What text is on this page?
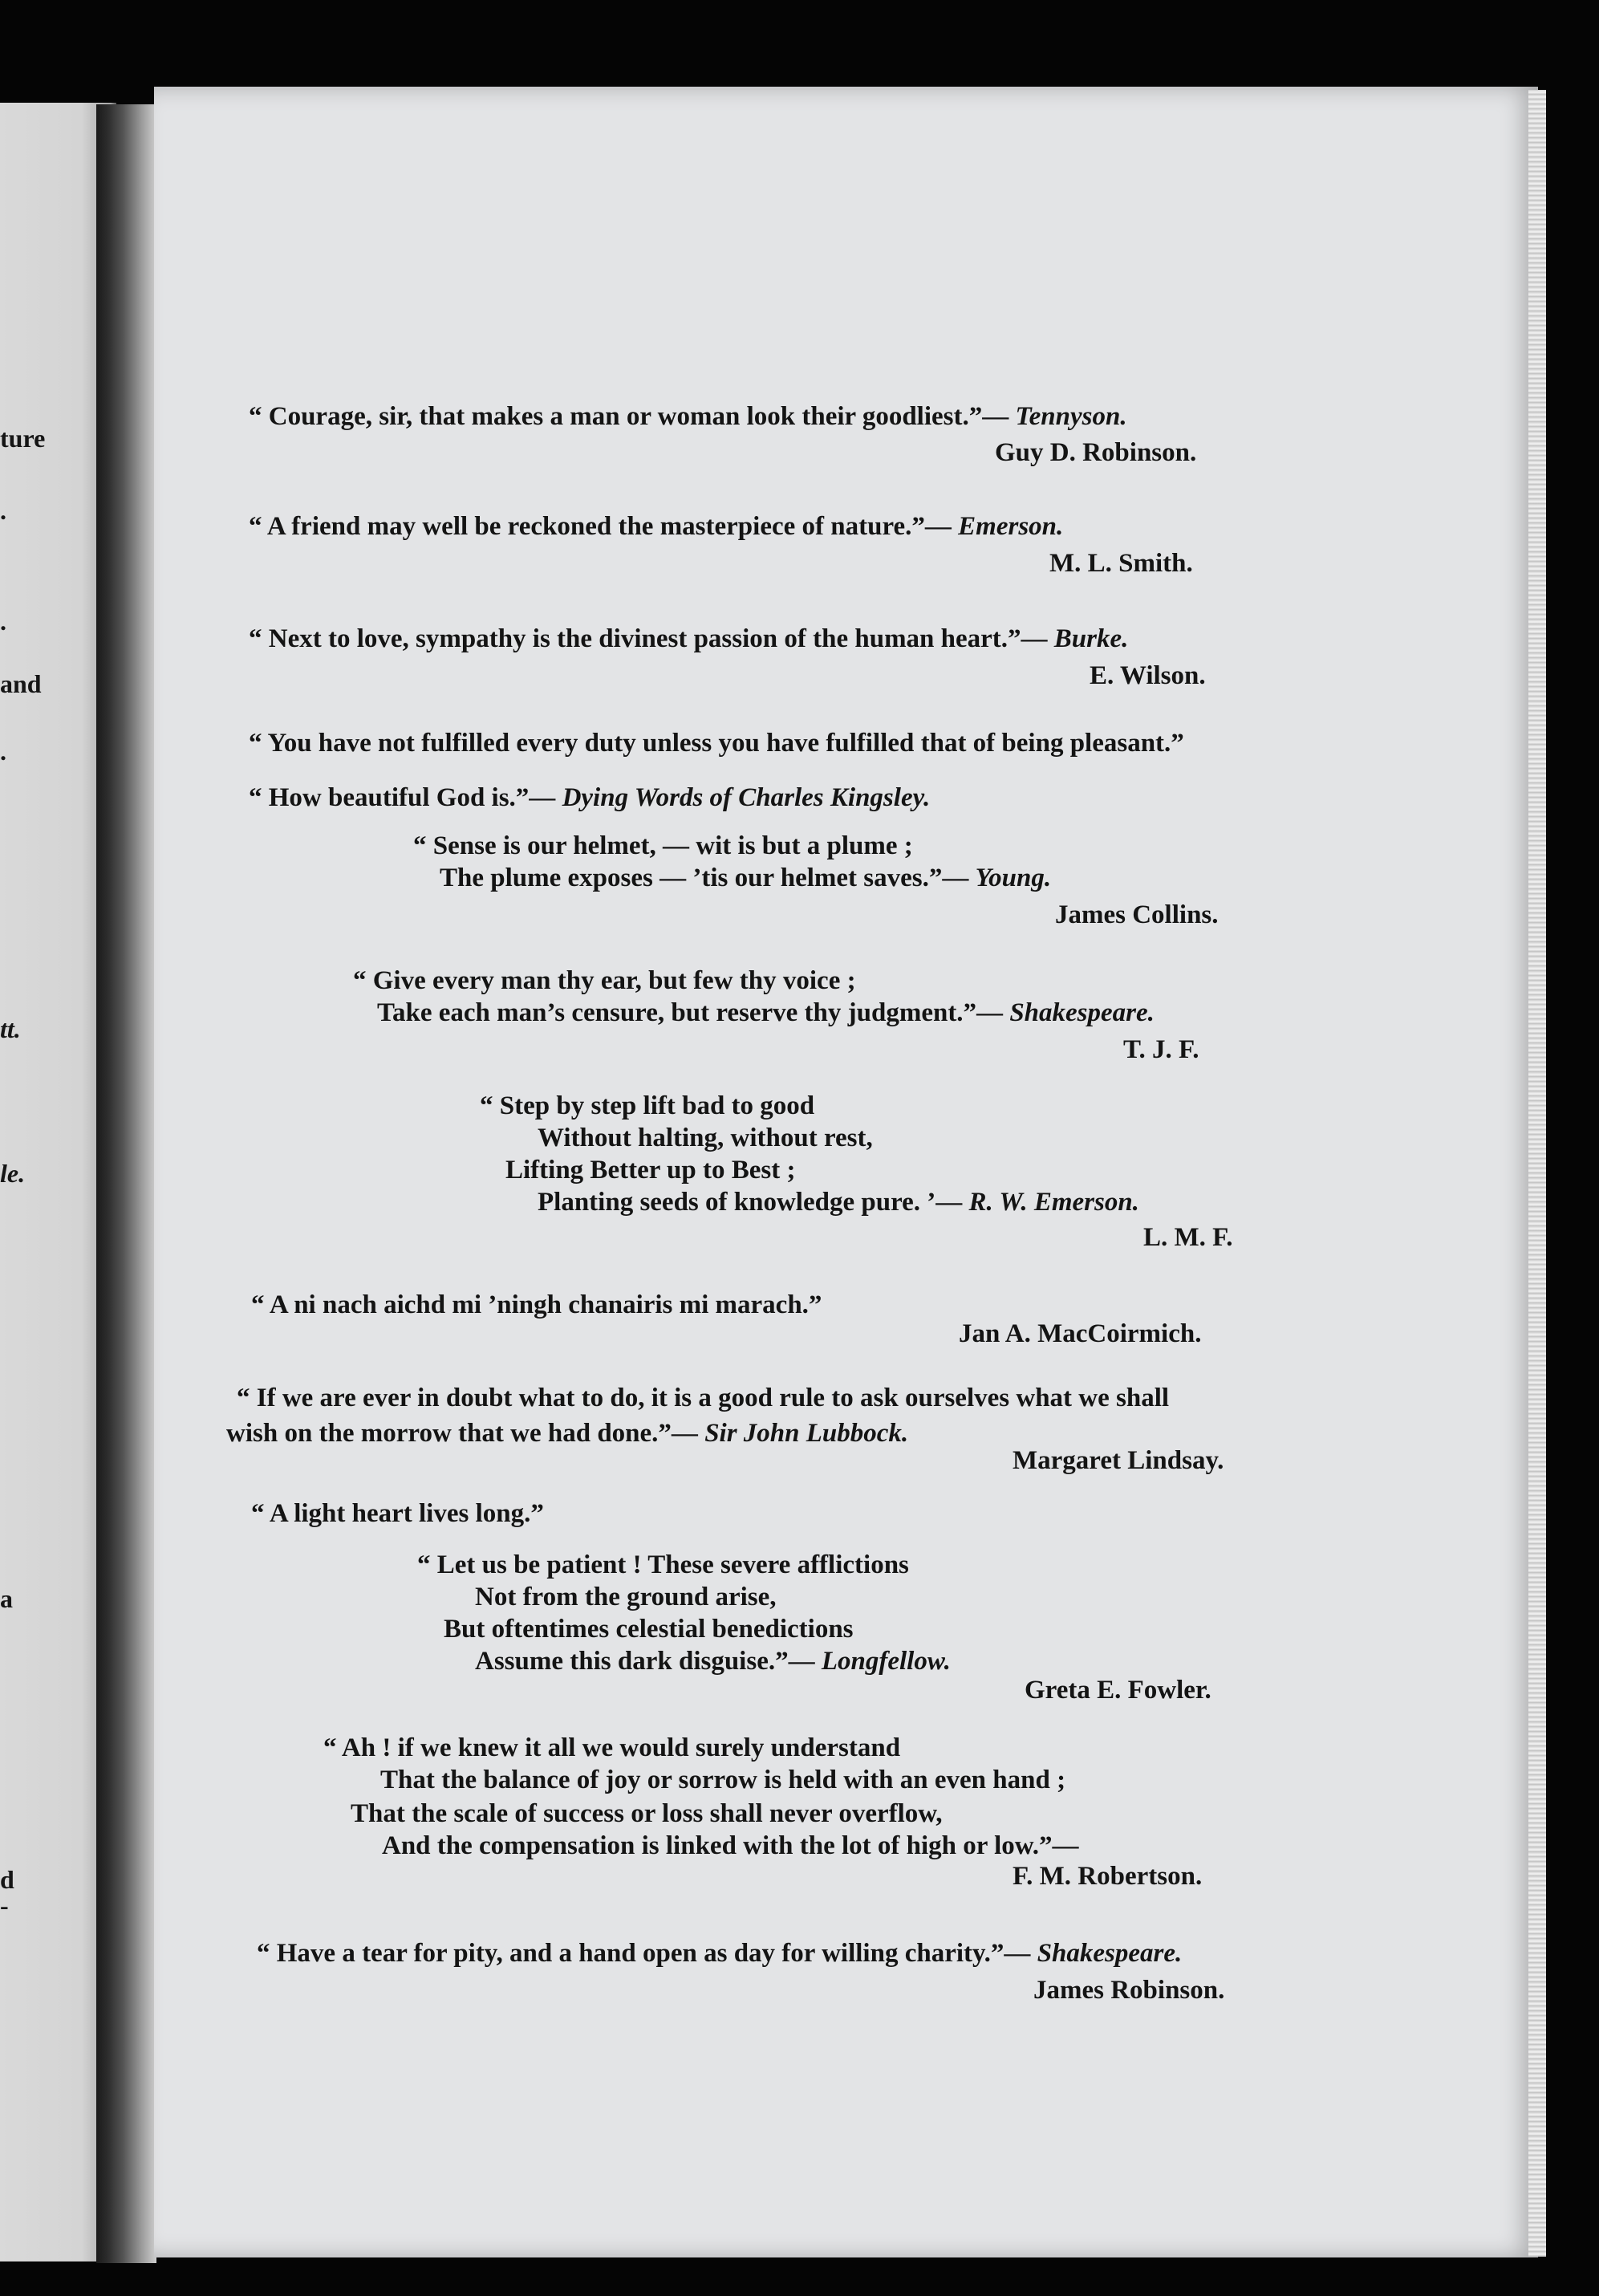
ture
.
.
and
.
tt.
le.
a
d
-
“ Courage, sir, that makes a man or woman look their goodliest.”— Tennyson.
Guy D. Robinson.
“ A friend may well be reckoned the masterpiece of nature.”— Emerson.
M. L. Smith.
“ Next to love, sympathy is the divinest passion of the human heart.”— Burke.
E. Wilson.
“ You have not fulfilled every duty unless you have fulfilled that of being pleasant.”
“ How beautiful God is.”— Dying Words of Charles Kingsley.
“ Sense is our helmet, — wit is but a plume ;
The plume exposes — ’tis our helmet saves.”— Young.
James Collins.
“ Give every man thy ear, but few thy voice ;
Take each man’s censure, but reserve thy judgment.”— Shakespeare.
T. J. F.
“ Step by step lift bad to good
Without halting, without rest,
Lifting Better up to Best ;
Planting seeds of knowledge pure. ’— R. W. Emerson.
L. M. F.
“ A ni nach aichd mi ’ningh chanairis mi marach.”
Jan A. MacCoirmich.
“ If we are ever in doubt what to do, it is a good rule to ask ourselves what we shall
wish on the morrow that we had done.”— Sir John Lubbock.
Margaret Lindsay.
“ A light heart lives long.”
“ Let us be patient ! These severe afflictions
Not from the ground arise,
But oftentimes celestial benedictions
Assume this dark disguise.”— Longfellow.
Greta E. Fowler.
“ Ah ! if we knew it all we would surely understand
That the balance of joy or sorrow is held with an even hand ;
That the scale of success or loss shall never overflow,
And the compensation is linked with the lot of high or low.”—
F. M. Robertson.
“ Have a tear for pity, and a hand open as day for willing charity.”— Shakespeare.
James Robinson.
